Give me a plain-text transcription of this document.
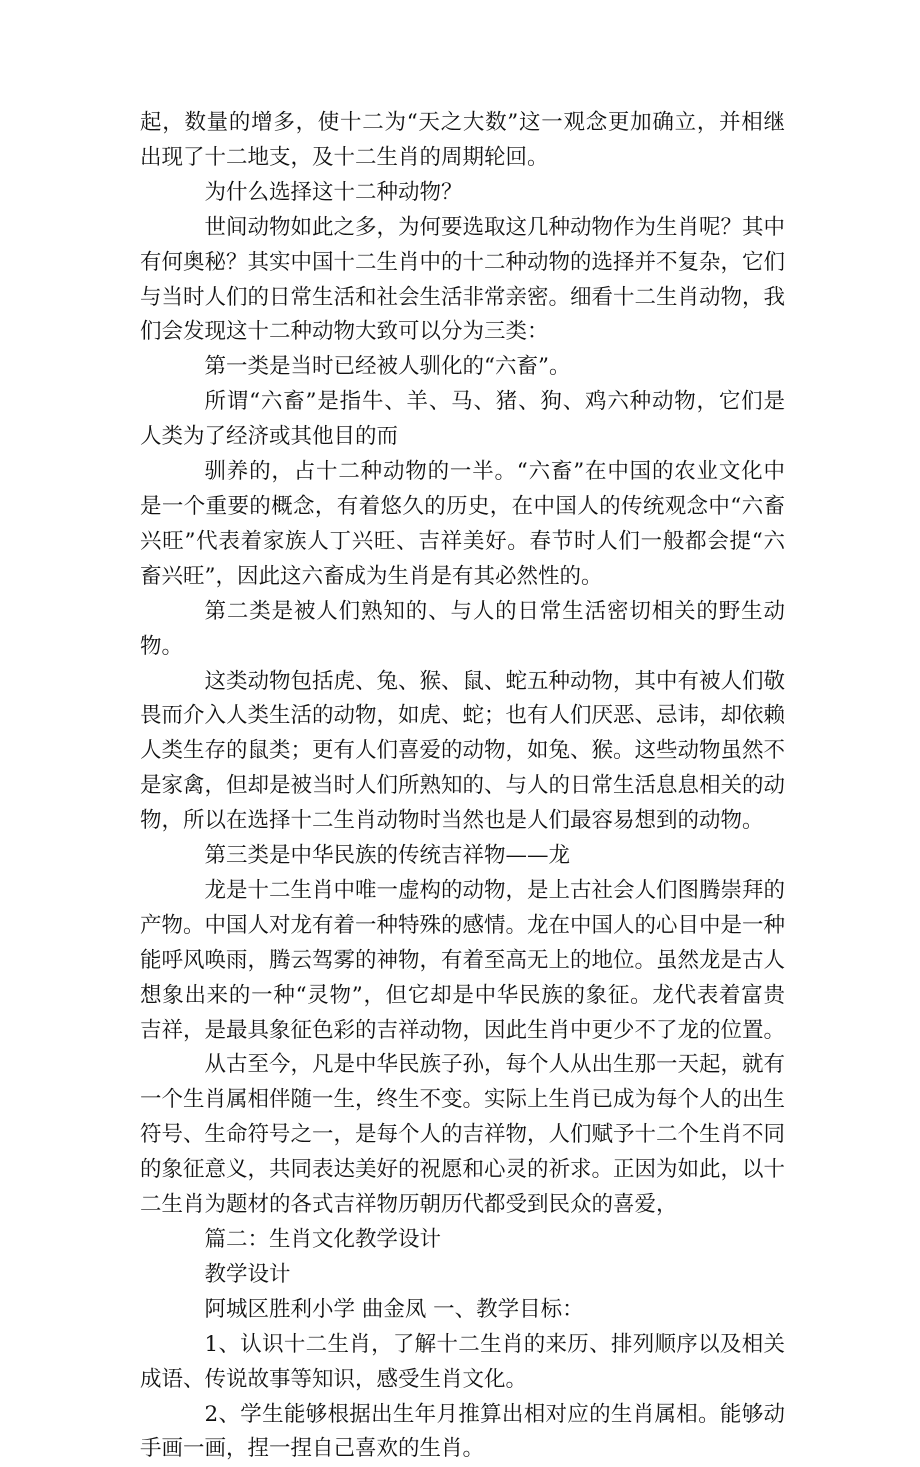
起，数量的增多，使十二为“天之大数”这一观念更加确立，并相继出现了十二地支，及十二生肖的周期轮回。

为什么选择这十二种动物？

世间动物如此之多，为何要选取这几种动物作为生肖呢？其中有何奥秘？其实中国十二生肖中的十二种动物的选择并不复杂，它们与当时人们的日常生活和社会生活非常亲密。细看十二生肖动物，我们会发现这十二种动物大致可以分为三类：

第一类是当时已经被人驯化的“六畜”。

所谓“六畜”是指牛、羊、马、猪、狗、鸡六种动物，它们是人类为了经济或其他目的而

驯养的，占十二种动物的一半。“六畜”在中国的农业文化中是一个重要的概念，有着悠久的历史，在中国人的传统观念中“六畜兴旺”代表着家族人丁兴旺、吉祥美好。春节时人们一般都会提“六畜兴旺”，因此这六畜成为生肖是有其必然性的。

第二类是被人们熟知的、与人的日常生活密切相关的野生动物。

这类动物包括虎、兔、猴、鼠、蛇五种动物，其中有被人们敬畏而介入人类生活的动物，如虎、蛇；也有人们厌恶、忌讳，却依赖人类生存的鼠类；更有人们喜爱的动物，如兔、猴。这些动物虽然不是家禽，但却是被当时人们所熟知的、与人的日常生活息息相关的动物，所以在选择十二生肖动物时当然也是人们最容易想到的动物。

第三类是中华民族的传统吉祥物——龙

龙是十二生肖中唯一虚构的动物，是上古社会人们图腾崇拜的产物。中国人对龙有着一种特殊的感情。龙在中国人的心目中是一种能呼风唤雨，腾云驾雾的神物，有着至高无上的地位。虽然龙是古人想象出来的一种“灵物”，但它却是中华民族的象征。龙代表着富贵吉祥，是最具象征色彩的吉祥动物，因此生肖中更少不了龙的位置。

从古至今，凡是中华民族子孙，每个人从出生那一天起，就有一个生肖属相伴随一生，终生不变。实际上生肖已成为每个人的出生符号、生命符号之一，是每个人的吉祥物，人们赋予十二个生肖不同的象征意义，共同表达美好的祝愿和心灵的祈求。正因为如此，以十二生肖为题材的各式吉祥物历朝历代都受到民众的喜爱，

篇二：生肖文化教学设计

教学设计

阿城区胜利小学 曲金凤 一、教学目标：

1、认识十二生肖，了解十二生肖的来历、排列顺序以及相关成语、传说故事等知识，感受生肖文化。

2、学生能够根据出生年月推算出相对应的生肖属相。能够动手画一画，捏一捏自己喜欢的生肖。
